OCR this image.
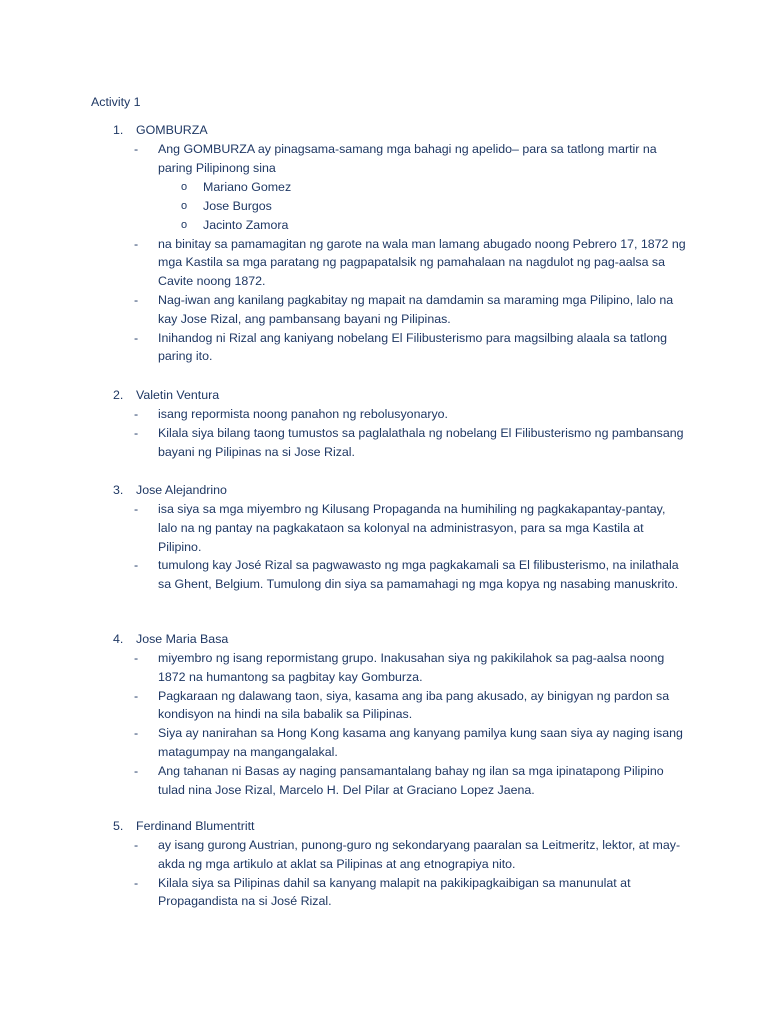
Activity 1
1. GOMBURZA
- Ang GOMBURZA ay pinagsama-samang mga bahagi ng apelido– para sa tatlong martir na paring Pilipinong sina
o Mariano Gomez
o Jose Burgos
o Jacinto Zamora
- na binitay sa pamamagitan ng garote na wala man lamang abugado noong Pebrero 17, 1872 ng mga Kastila sa mga paratang ng pagpapatalsik ng pamahalaan na nagdulot ng pag-aalsa sa Cavite noong 1872.
- Nag-iwan ang kanilang pagkabitay ng mapait na damdamin sa maraming mga Pilipino, lalo na kay Jose Rizal, ang pambansang bayani ng Pilipinas.
- Inihandog ni Rizal ang kaniyang nobelang El Filibusterismo para magsilbing alaala sa tatlong paring ito.
2. Valetin Ventura
- isang repormista noong panahon ng rebolusyonaryo.
- Kilala siya bilang taong tumustos sa paglalathala ng nobelang El Filibusterismo ng pambansang bayani ng Pilipinas na si Jose Rizal.
3. Jose Alejandrino
- isa siya sa mga miyembro ng Kilusang Propaganda na humihiling ng pagkakapantay-pantay, lalo na ng pantay na pagkakataon sa kolonyal na administrasyon, para sa mga Kastila at Pilipino.
- tumulong kay José Rizal sa pagwawasto ng mga pagkakamali sa El filibusterismo, na inilathala sa Ghent, Belgium. Tumulong din siya sa pamamahagi ng mga kopya ng nasabing manuskrito.
4. Jose Maria Basa
- miyembro ng isang repormistang grupo. Inakusahan siya ng pakikilahok sa pag-aalsa noong 1872 na humantong sa pagbitay kay Gomburza.
- Pagkaraan ng dalawang taon, siya, kasama ang iba pang akusado, ay binigyan ng pardon sa kondisyon na hindi na sila babalik sa Pilipinas.
- Siya ay nanirahan sa Hong Kong kasama ang kanyang pamilya kung saan siya ay naging isang matagumpay na mangangalakal.
- Ang tahanan ni Basas ay naging pansamantalang bahay ng ilan sa mga ipinatapong Pilipino tulad nina Jose Rizal, Marcelo H. Del Pilar at Graciano Lopez Jaena.
5. Ferdinand Blumentritt
- ay isang gurong Austrian, punong-guro ng sekondaryang paaralan sa Leitmeritz, lektor, at may-akda ng mga artikulo at aklat sa Pilipinas at ang etnograpiya nito.
- Kilala siya sa Pilipinas dahil sa kanyang malapit na pakikipagkaibigan sa manunulat at Propagandista na si José Rizal.
